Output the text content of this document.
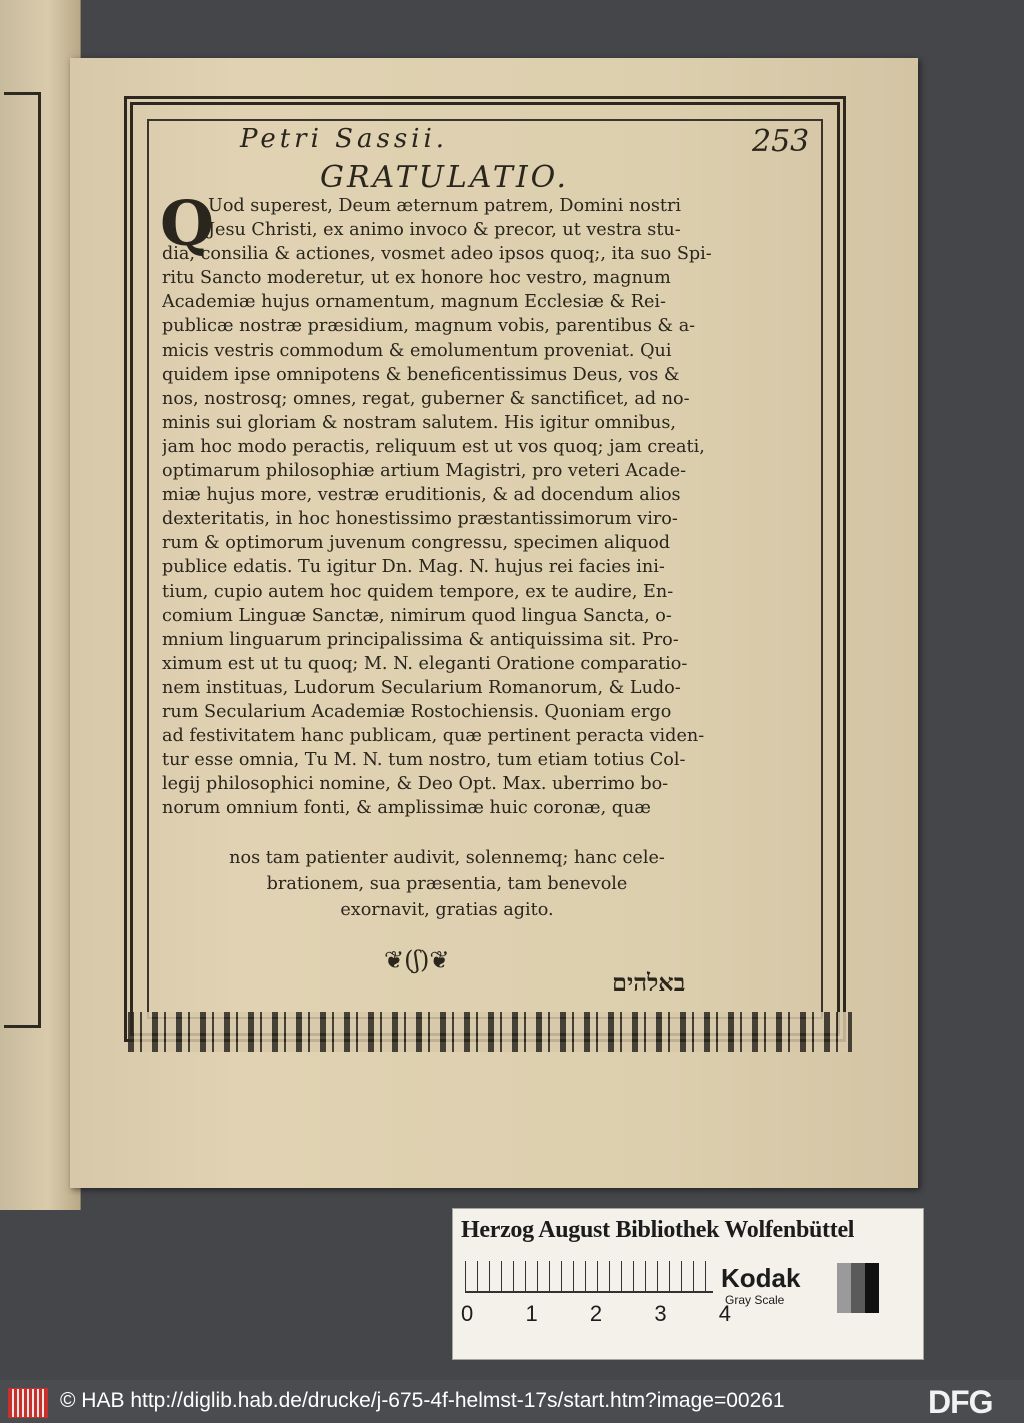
Petri Sassii.	253
GRATULATIO.
Q
Uod superest, Deum æternum patrem, Domini nostri
Jesu Christi, ex animo invoco & precor, ut vestra stu-
dia, consilia & actiones, vosmet adeo ipsos quoq;, ita suo Spi-
ritu Sancto moderetur, ut ex honore hoc vestro, magnum
Academiæ hujus ornamentum, magnum Ecclesiæ & Rei-
publicæ nostræ præsidium, magnum vobis, parentibus & a-
micis vestris commodum & emolumentum proveniat. Qui
quidem ipse omnipotens & beneficentissimus Deus, vos &
nos, nostrosq; omnes, regat, guberner & sanctificet, ad no-
minis sui gloriam & nostram salutem. His igitur omnibus,
jam hoc modo peractis, reliquum est ut vos quoq; jam creati,
optimarum philosophiæ artium Magistri, pro veteri Acade-
miæ hujus more, vestræ eruditionis, & ad docendum alios
dexteritatis, in hoc honestissimo præstantissimorum viro-
rum & optimorum juvenum congressu, specimen aliquod
publice edatis. Tu igitur Dn. Mag. N. hujus rei facies ini-
tium, cupio autem hoc quidem tempore, ex te audire, En-
comium Linguæ Sanctæ, nimirum quod lingua Sancta, o-
mnium linguarum principalissima & antiquissima sit. Pro-
ximum est ut tu quoq; M. N. eleganti Oratione comparatio-
nem instituas, Ludorum Secularium Romanorum, & Ludo-
rum Secularium Academiæ Rostochiensis. Quoniam ergo
ad festivitatem hanc publicam, quæ pertinent peracta viden-
tur esse omnia, Tu M. N. tum nostro, tum etiam totius Col-
legij philosophici nomine, & Deo Opt. Max. uberrimo bo-
norum omnium fonti, & amplissimæ huic coronæ, quæ
nos tam patienter audivit, solennemq; hanc cele-
brationem, sua præsentia, tam benevole
exornavit, gratias agito.
❦(ʃ)❦
באלהים
Herzog August Bibliothek Wolfenbüttel
0 1 2 3 4
Kodak
Gray Scale
© HAB http://diglib.hab.de/drucke/j-675-4f-helmst-17s/start.htm?image=00261	DFG
